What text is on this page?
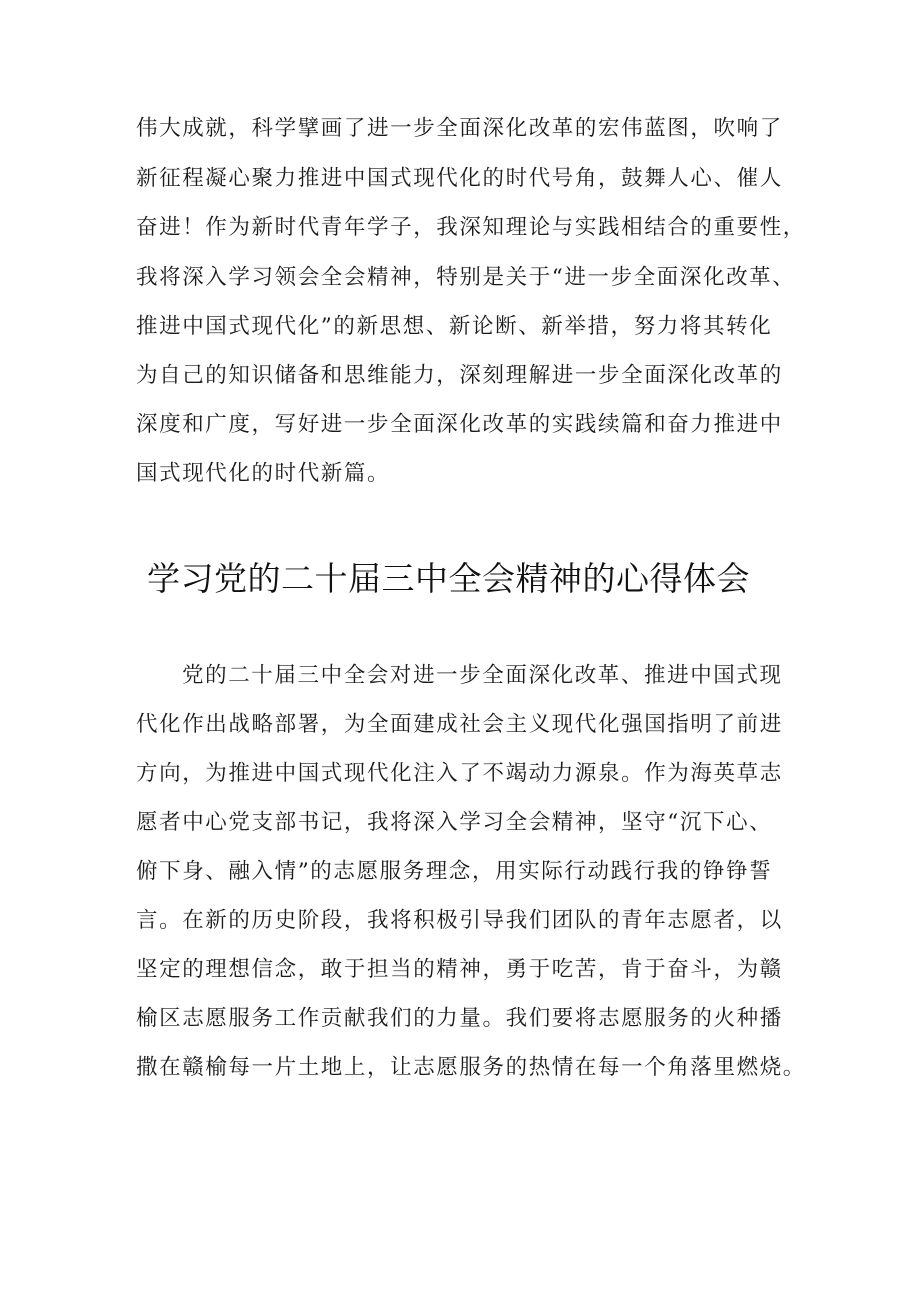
伟大成就，科学擘画了进一步全面深化改革的宏伟蓝图，吹响了
新征程凝心聚力推进中国式现代化的时代号角，鼓舞人心、催人
奋进！作为新时代青年学子，我深知理论与实践相结合的重要性，
我将深入学习领会全会精神，特别是关于“进一步全面深化改革、
推进中国式现代化”的新思想、新论断、新举措，努力将其转化
为自己的知识储备和思维能力，深刻理解进一步全面深化改革的
深度和广度，写好进一步全面深化改革的实践续篇和奋力推进中
国式现代化的时代新篇。
学习党的二十届三中全会精神的心得体会
党的二十届三中全会对进一步全面深化改革、推进中国式现
代化作出战略部署，为全面建成社会主义现代化强国指明了前进
方向，为推进中国式现代化注入了不竭动力源泉。作为海英草志
愿者中心党支部书记，我将深入学习全会精神，坚守“沉下心、
俯下身、融入情”的志愿服务理念，用实际行动践行我的铮铮誓
言。在新的历史阶段，我将积极引导我们团队的青年志愿者，以
坚定的理想信念，敢于担当的精神，勇于吃苦，肯于奋斗，为赣
榆区志愿服务工作贡献我们的力量。我们要将志愿服务的火种播
撒在赣榆每一片土地上，让志愿服务的热情在每一个角落里燃烧。
